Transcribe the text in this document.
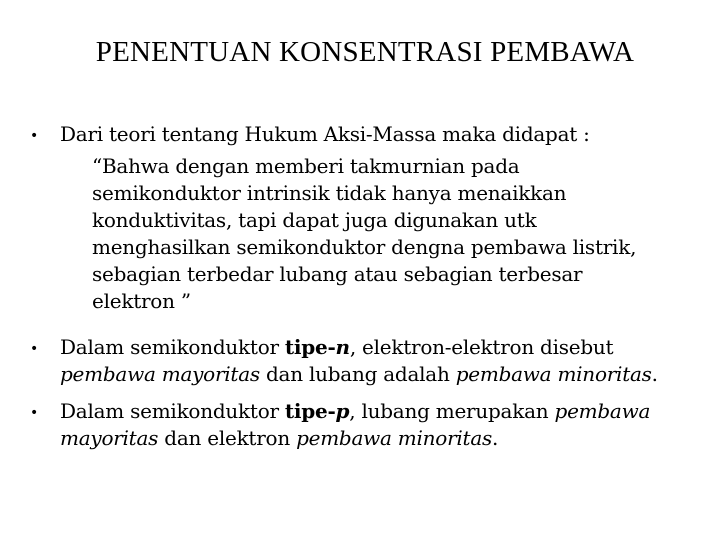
PENENTUAN KONSENTRASI PEMBAWA
• Dari teori tentang Hukum Aksi-Massa maka didapat :
“Bahwa dengan memberi takmurnian pada
semikonduktor intrinsik tidak hanya menaikkan
konduktivitas, tapi dapat juga digunakan utk
menghasilkan semikonduktor dengna pembawa listrik,
sebagian terbedar lubang atau sebagian terbesar
elektron ”
• Dalam semikonduktor tipe-n, elektron-elektron disebut
pembawa mayoritas dan lubang adalah pembawa minoritas.
• Dalam semikonduktor tipe-p, lubang merupakan pembawa
mayoritas dan elektron pembawa minoritas.
